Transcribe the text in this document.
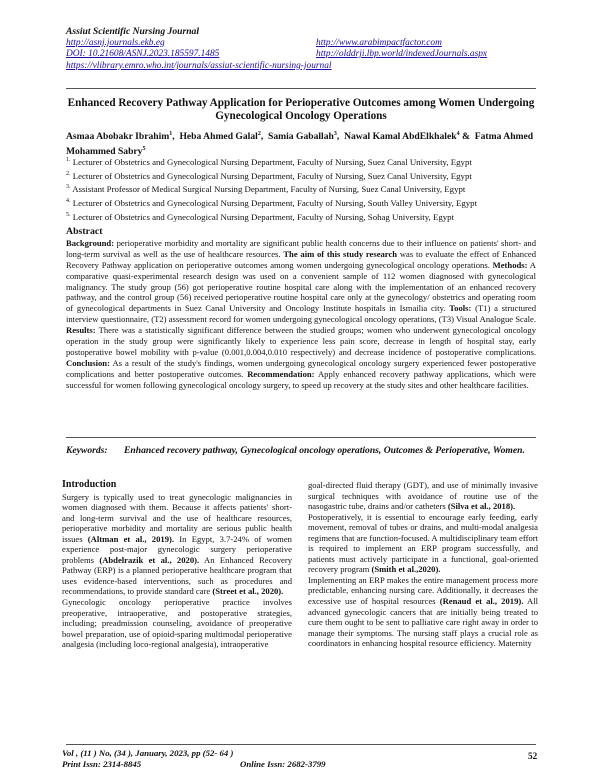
Assiut Scientific Nursing Journal
http://asnj.journals.ekb.eg	http://www.arabimpactfactor.com
DOI: 10.21608/ASNJ.2023.185597.1485	http://olddrji.lbp.world/indexedJournals.aspx
https://vlibrary.emro.who.int/journals/assiut-scientific-nursing-journal
Enhanced Recovery Pathway Application for Perioperative Outcomes among Women Undergoing Gynecological Oncology Operations
Asmaa Abobakr Ibrahim$^1$,  Heba Ahmed Galal$^2$,  Samia Gaballah$^3$,  Nawal Kamal AbdElkhalek$^4$ &  Fatma Ahmed Mohammed Sabry$^5$
$^{1.}$ Lecturer of Obstetrics and Gynecological Nursing Department, Faculty of Nursing, Suez Canal University, Egypt
$^{2.}$ Lecturer of Obstetrics and Gynecological Nursing Department, Faculty of Nursing, Suez Canal University, Egypt
$^{3.}$ Assistant Professor of Medical Surgical Nursing Department, Faculty of Nursing, Suez Canal University, Egypt
$^{4.}$ Lecturer of Obstetrics and Gynecological Nursing Department, Faculty of Nursing, South Valley University, Egypt
$^{5.}$ Lecturer of Obstetrics and Gynecological Nursing Department, Faculty of Nursing, Sohag University, Egypt
Abstract
Background: perioperative morbidity and mortality are significant public health concerns due to their influence on patients' short- and long-term survival as well as the use of healthcare resources. The aim of this study research was to evaluate the effect of Enhanced Recovery Pathway application on perioperative outcomes among women undergoing gynecological oncology operations. Methods: A comparative quasi-experimental research design was used on a convenient sample of 112 women diagnosed with gynecological malignancy. The study group (56) got perioperative routine hospital care along with the implementation of an enhanced recovery pathway, and the control group (56) received perioperative routine hospital care only at the gynecology/ obstetrics and operating room of gynecological departments in Suez Canal University and Oncology Institute hospitals in Ismailia city. Tools: (T1) a structured interview questionnaire, (T2) assessment record for women undergoing gynecological oncology operations, (T3) Visual Analogue Scale. Results: There was a statistically significant difference between the studied groups; women who underwent gynecological oncology operation in the study group were significantly likely to experience less pain score, decrease in length of hospital stay, early postoperative bowel mobility with p-value (0.001,0.004,0.010 respectively) and decrease incidence of postoperative complications. Conclusion: As a result of the study's findings, women undergoing gynecological oncology surgery experienced fewer postoperative complications and better postoperative outcomes. Recommendation: Apply enhanced recovery pathway applications, which were successful for women following gynecological oncology surgery, to speed up recovery at the study sites and other healthcare facilities.
Keywords:	Enhanced recovery pathway, Gynecological oncology operations, Outcomes & Perioperative, Women.
Introduction
Surgery is typically used to treat gynecologic malignancies in women diagnosed with them. Because it affects patients' short- and long-term survival and the use of healthcare resources, perioperative morbidity and mortality are serious public health issues (Altman et al., 2019). In Egypt, 3.7-24% of women experience post-major gynecologic surgery perioperative problems (Abdelrazik et al., 2020). An Enhanced Recovery Pathway (ERP) is a planned perioperative healthcare program that uses evidence-based interventions, such as procedures and recommendations, to provide standard care (Street et al., 2020).
Gynecologic oncology perioperative practice involves preoperative, intraoperative, and postoperative strategies, including; preadmission counseling, avoidance of preoperative bowel preparation, use of opioid-sparing multimodal perioperative analgesia (including loco-regional analgesia), intraoperative
goal-directed fluid therapy (GDT), and use of minimally invasive surgical techniques with avoidance of routine use of the nasogastric tube, drains and/or catheters (Silva et al., 2018).
Postoperatively, it is essential to encourage early feeding, early movement, removal of tubes or drains, and multi-modal analgesia regimens that are function-focused. A multidisciplinary team effort is required to implement an ERP program successfully, and patients must actively participate in a functional, goal-oriented recovery program (Smith et al.,2020).
Implementing an ERP makes the entire management process more predictable, enhancing nursing care. Additionally, it decreases the excessive use of hospital resources (Renaud et al., 2019). All advanced gynecologic cancers that are initially being treated to cure them ought to be sent to palliative care right away in order to manage their symptoms. The nursing staff plays a crucial role as coordinators in enhancing hospital resource efficiency. Maternity
Vol , (11 ) No, (34 ), January, 2023, pp (52- 64 )
Print Issn: 2314-8845	Online Issn: 2682-3799
52
